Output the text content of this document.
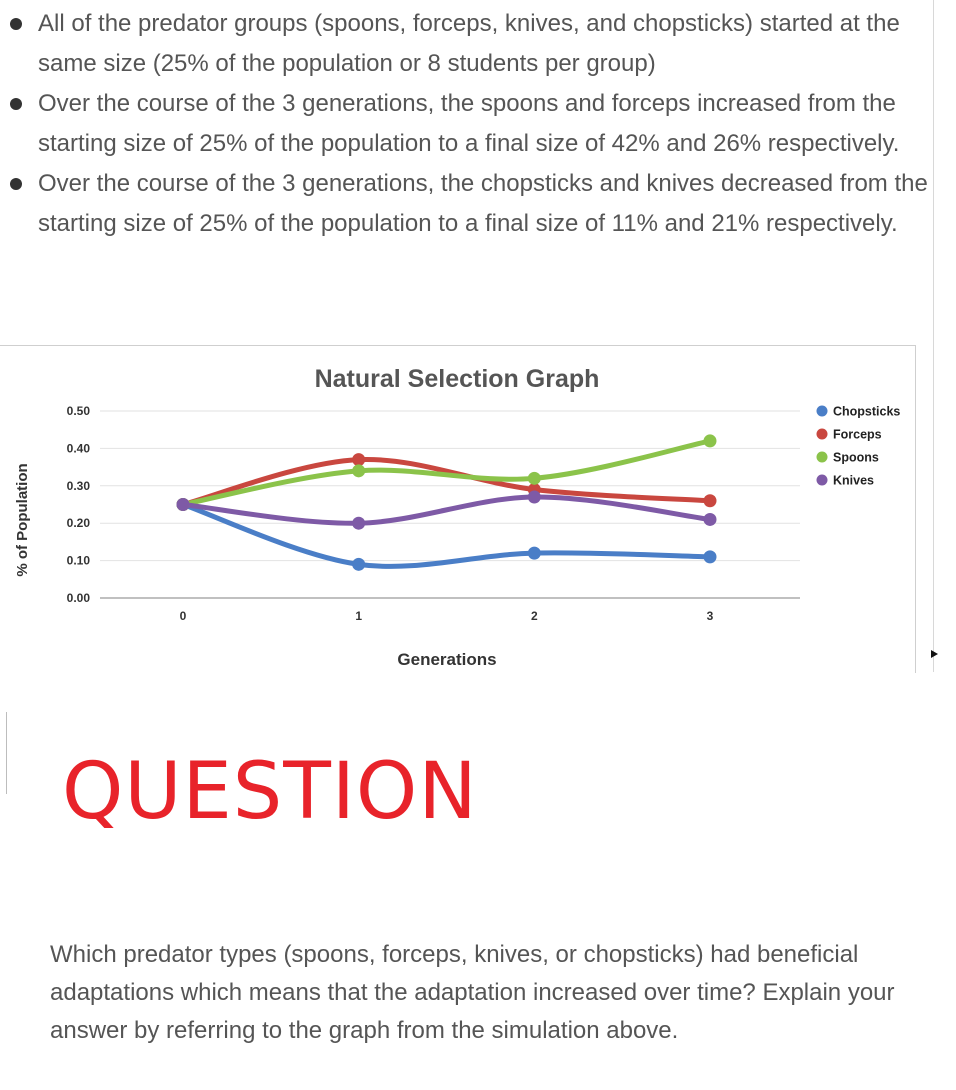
All of the predator groups (spoons, forceps, knives, and chopsticks) started at the same size (25% of the population or 8 students per group)
Over the course of the 3 generations, the spoons and forceps increased from the starting size of 25% of the population to a final size of 42% and 26% respectively.
Over the course of the 3 generations, the chopsticks and knives decreased from the starting size of 25% of the population to a final size of 11% and 21% respectively.
Natural Selection Graph
0.00
0.10
0.20
0.30
0.40
0.50
0	1	2	3
Chopsticks
Forceps
Spoons
Knives
Generations
% of Population
QUESTION
Which predator types (spoons, forceps, knives, or chopsticks) had beneficial adaptations which means that the adaptation increased over time? Explain your answer by referring to the graph from the simulation above.
